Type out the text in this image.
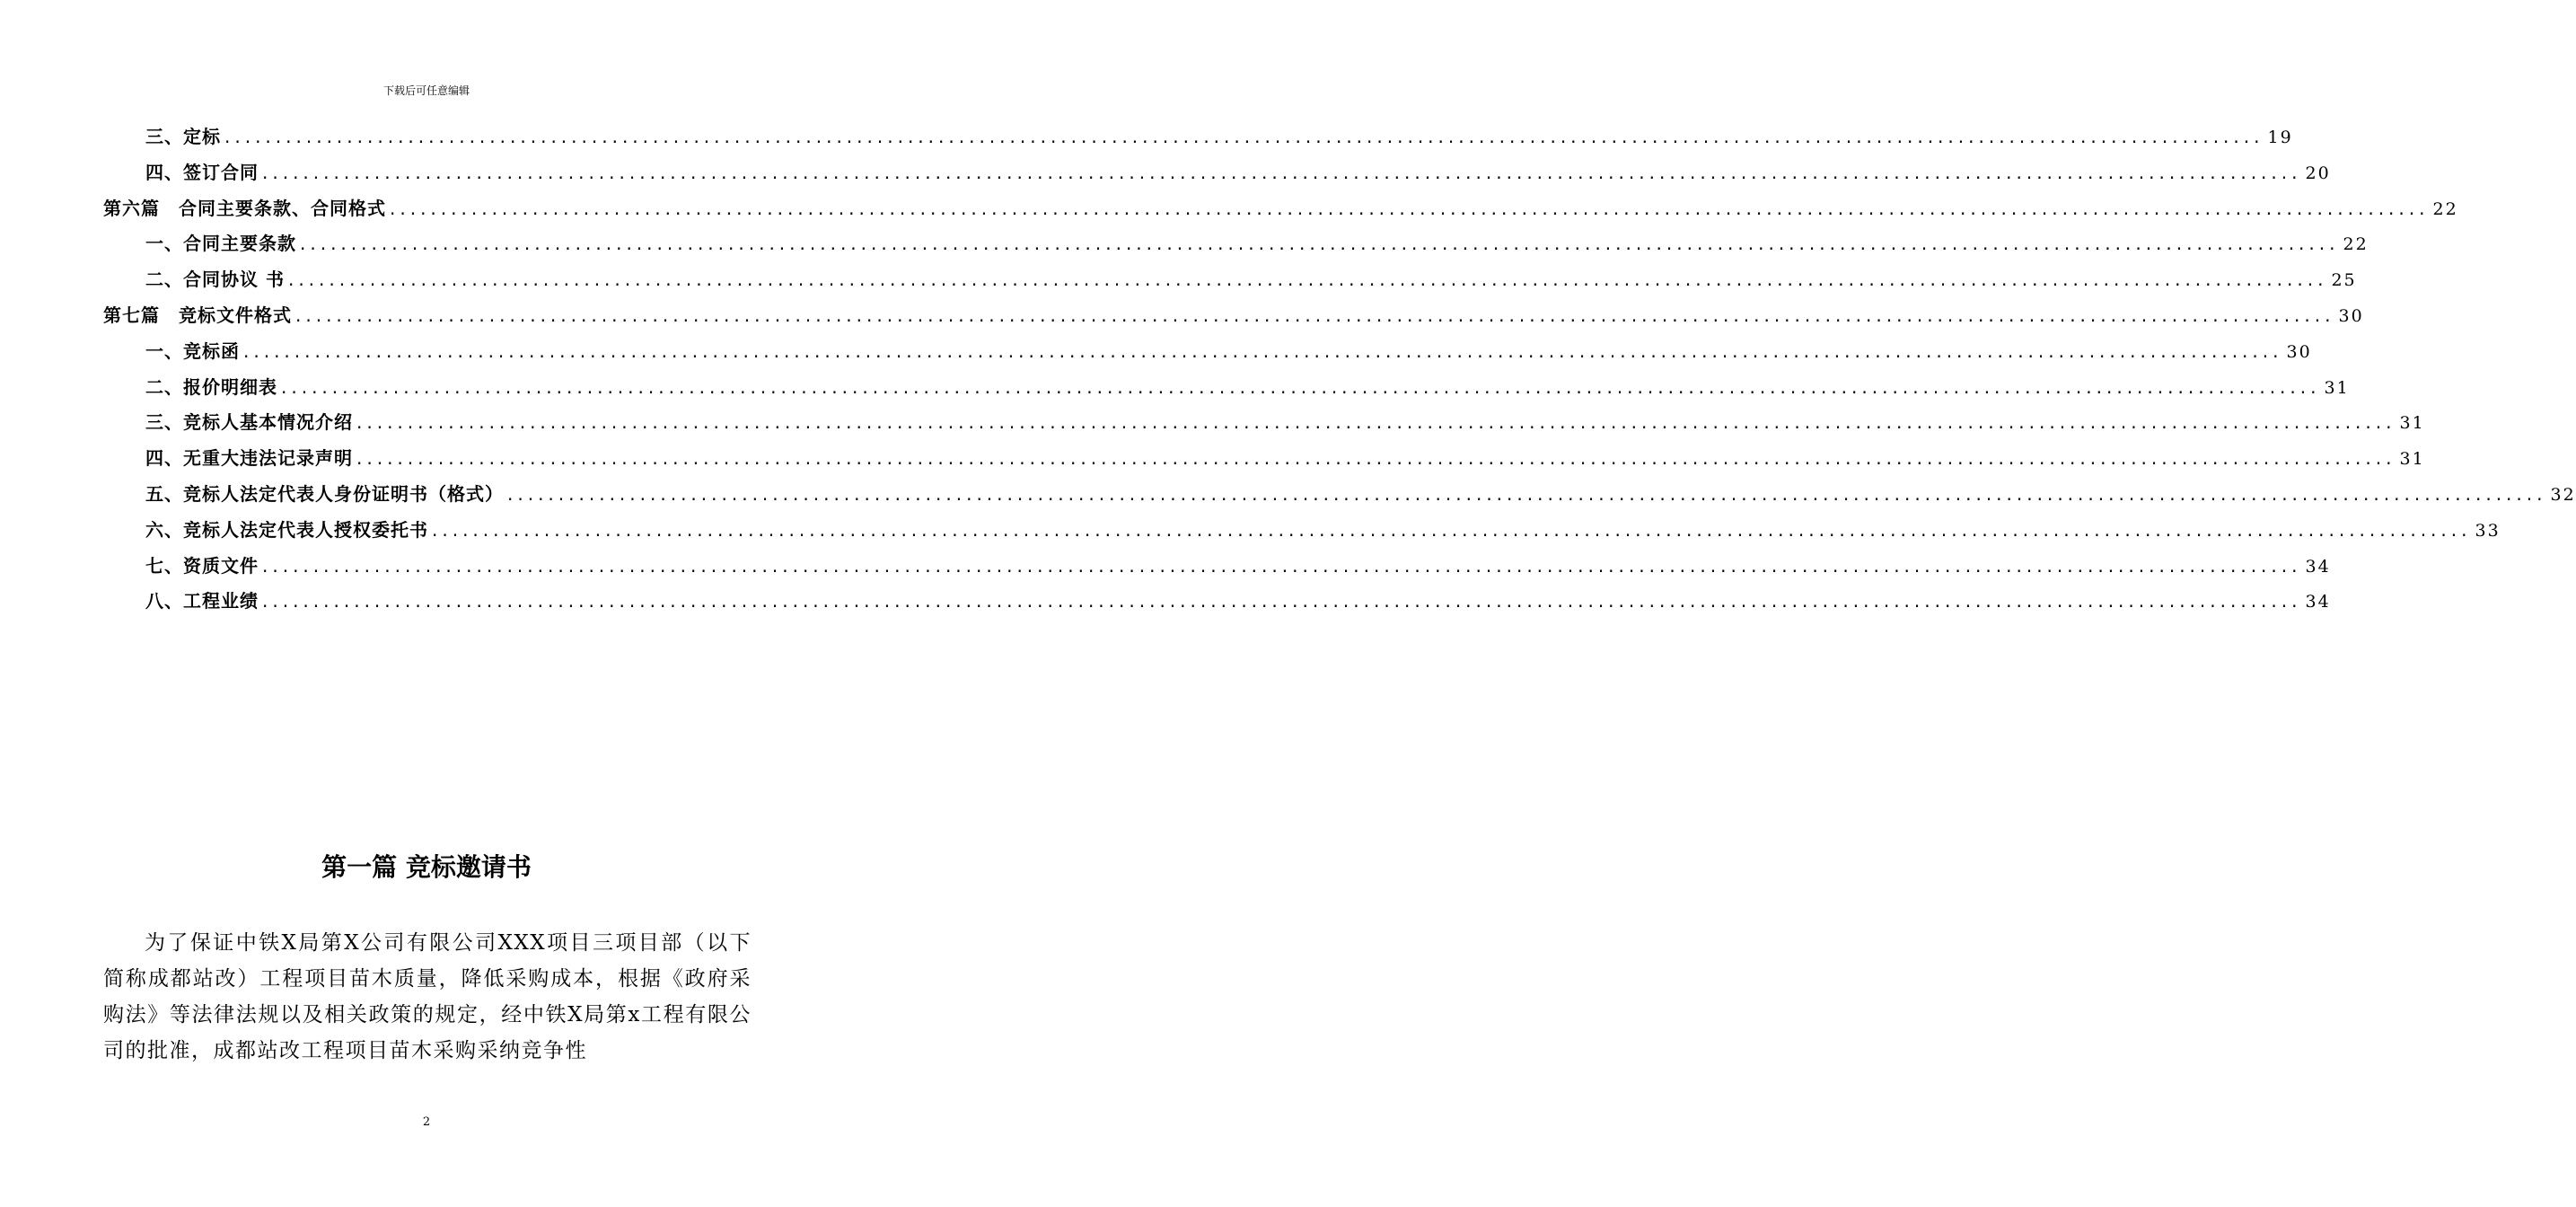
下载后可任意编辑
三、定标 ........................................................................................................................................................................................................ 19
四、签订合同 ........................................................................................................................................................................................................ 20
第六篇　合同主要条款、合同格式 ........................................................................................................................................................................................................ 22
一、合同主要条款 ........................................................................................................................................................................................................ 22
二、合同协议 书 ........................................................................................................................................................................................................ 25
第七篇　竞标文件格式 ........................................................................................................................................................................................................ 30
一、竞标函 ........................................................................................................................................................................................................ 30
二、报价明细表 ........................................................................................................................................................................................................ 31
三、竞标人基本情况介绍 ........................................................................................................................................................................................................ 31
四、无重大违法记录声明 ........................................................................................................................................................................................................ 31
五、竞标人法定代表人身份证明书（格式） ........................................................................................................................................................................................................ 32
六、竞标人法定代表人授权委托书 ........................................................................................................................................................................................................ 33
七、资质文件 ........................................................................................................................................................................................................ 34
八、工程业绩 ........................................................................................................................................................................................................ 34
第一篇 竞标邀请书

为了保证中铁X局第X公司有限公司XXX项目三项目部（以下简称成都站改）工程项目苗木质量，降低采购成本，根据《政府采购法》等法律法规以及相关政策的规定，经中铁X局第x工程有限公司的批准，成都站改工程项目苗木采购采纳竞争性

2
